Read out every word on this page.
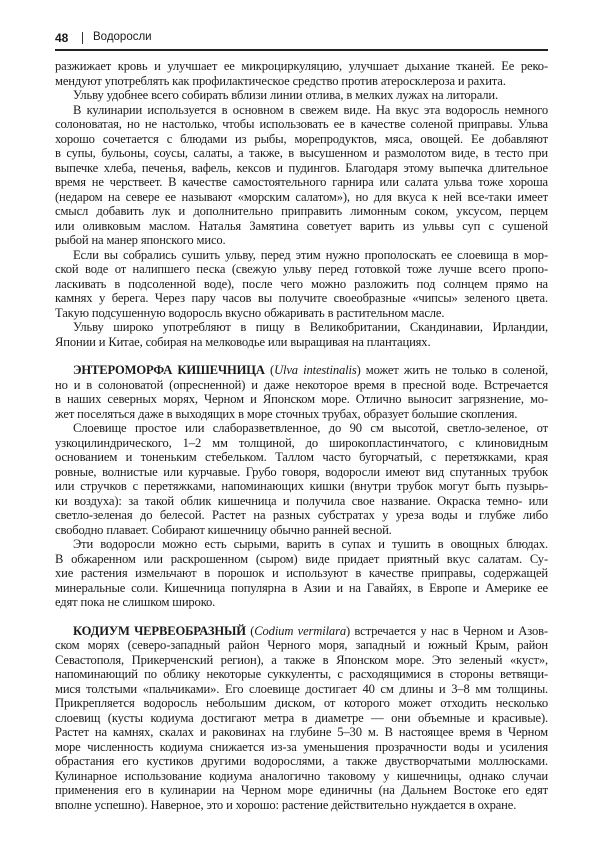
48 Водоросли
разжижает кровь и улучшает ее микроциркуляцию, улучшает дыхание тканей. Ее реко-
мендуют употреблять как профилактическое средство против атеросклероза и рахита.
Ульву удобнее всего собирать вблизи линии отлива, в мелких лужах на литорали.
В кулинарии используется в основном в свежем виде. На вкус эта водоросль немного
солоноватая, но не настолько, чтобы использовать ее в качестве соленой приправы. Ульва
хорошо сочетается с блюдами из рыбы, морепродуктов, мяса, овощей. Ее добавляют
в супы, бульоны, соусы, салаты, а также, в высушенном и размолотом виде, в тесто при
выпечке хлеба, печенья, вафель, кексов и пудингов. Благодаря этому выпечка длительное
время не черствеет. В качестве самостоятельного гарнира или салата ульва тоже хороша
(недаром на севере ее называют «морским салатом»), но для вкуса к ней все-таки имеет
смысл добавить лук и дополнительно приправить лимонным соком, уксусом, перцем
или оливковым маслом. Наталья Замятина советует варить из ульвы суп с сушеной
рыбой на манер японского мисо.
Если вы собрались сушить ульву, перед этим нужно прополоскать ее слоевища в мор-
ской воде от налипшего песка (свежую ульву перед готовкой тоже лучше всего пропо-
ласкивать в подсоленной воде), после чего можно разложить под солнцем прямо на
камнях у берега. Через пару часов вы получите своеобразные «чипсы» зеленого цвета.
Такую подсушенную водоросль вкусно обжаривать в растительном масле.
Ульву широко употребляют в пищу в Великобритании, Скандинавии, Ирландии,
Японии и Китае, собирая на мелководье или выращивая на плантациях.
ЭНТЕРОМОРФА КИШЕЧНИЦА (Ulva intestinalis) может жить не только в соленой,
но и в солоноватой (опресненной) и даже некоторое время в пресной воде. Встречается
в наших северных морях, Черном и Японском море. Отлично выносит загрязнение, мо-
жет поселяться даже в выходящих в море сточных трубах, образует большие скопления.
Слоевище простое или слаборазветвленное, до 90 см высотой, светло-зеленое, от
узкоцилиндрического, 1–2 мм толщиной, до широкопластинчатого, с клиновидным
основанием и тоненьким стебельком. Таллом часто бугорчатый, с перетяжками, края
ровные, волнистые или курчавые. Грубо говоря, водоросли имеют вид спутанных трубок
или стручков с перетяжками, напоминающих кишки (внутри трубок могут быть пузырь-
ки воздуха): за такой облик кишечница и получила свое название. Окраска темно- или
светло-зеленая до белесой. Растет на разных субстратах у уреза воды и глубже либо
свободно плавает. Собирают кишечницу обычно ранней весной.
Эти водоросли можно есть сырыми, варить в супах и тушить в овощных блюдах.
В обжаренном или раскрошенном (сыром) виде придает приятный вкус салатам. Су-
хие растения измельчают в порошок и используют в качестве приправы, содержащей
минеральные соли. Кишечница популярна в Азии и на Гавайях, в Европе и Америке ее
едят пока не слишком широко.
КОДИУМ ЧЕРВЕОБРАЗНЫЙ (Codium vermilara) встречается у нас в Черном и Азов-
ском морях (северо-западный район Черного моря, западный и южный Крым, район
Севастополя, Прикерченский регион), а также в Японском море. Это зеленый «куст»,
напоминающий по облику некоторые суккуленты, с расходящимися в стороны ветвящи-
мися толстыми «пальчиками». Его слоевище достигает 40 см длины и 3–8 мм толщины.
Прикрепляется водоросль небольшим диском, от которого может отходить несколько
слоевищ (кусты кодиума достигают метра в диаметре — они объемные и красивые).
Растет на камнях, скалах и раковинах на глубине 5–30 м. В настоящее время в Черном
море численность кодиума снижается из-за уменьшения прозрачности воды и усиления
обрастания его кустиков другими водорослями, а также двустворчатыми моллюсками.
Кулинарное использование кодиума аналогично таковому у кишечницы, однако случаи
применения его в кулинарии на Черном море единичны (на Дальнем Востоке его едят
вполне успешно). Наверное, это и хорошо: растение действительно нуждается в охране.
